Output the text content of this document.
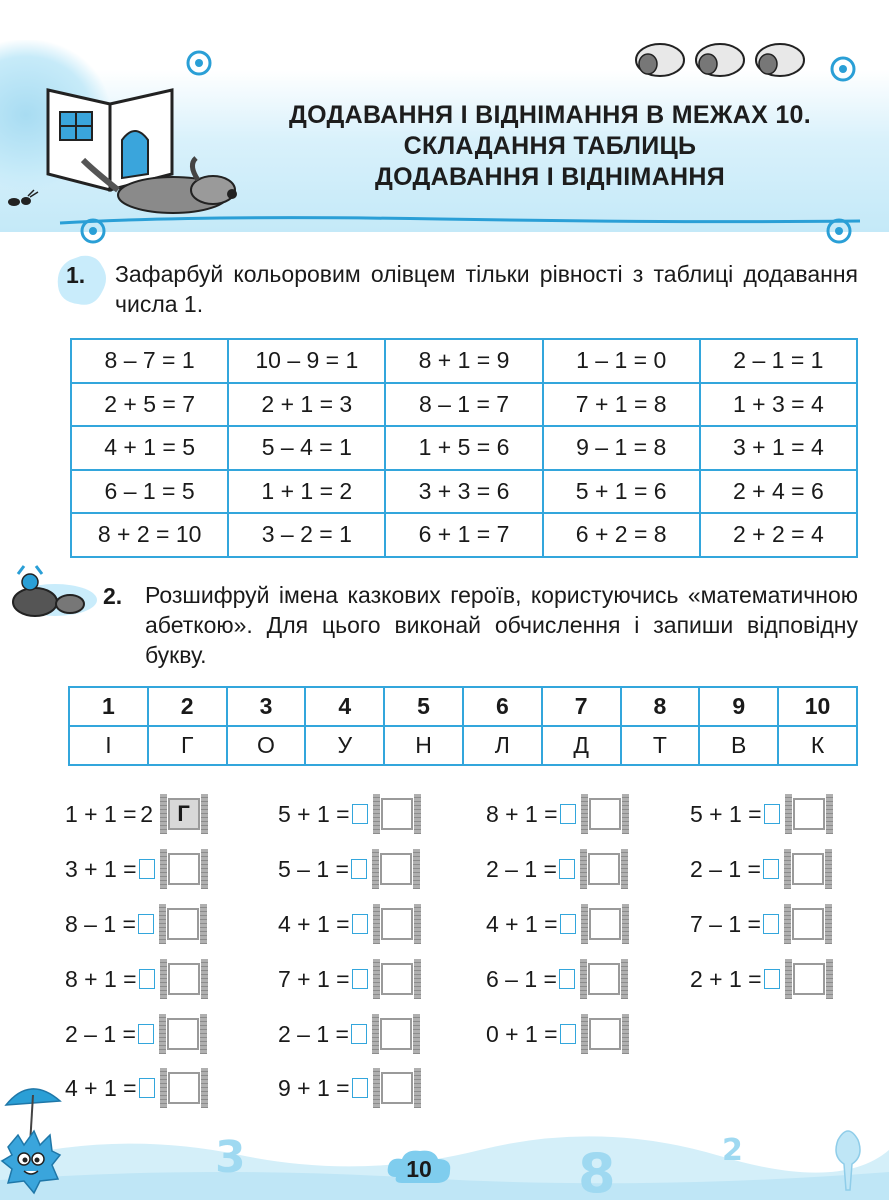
ДОДАВАННЯ І ВІДНІМАННЯ В МЕЖАХ 10.
СКЛАДАННЯ ТАБЛИЦЬ
ДОДАВАННЯ І ВІДНІМАННЯ
1. Зафарбуй кольоровим олівцем тільки рівності з таблиці додавання числа 1.
8 – 7 = 1	10 – 9 = 1	8 + 1 = 9	1 – 1 = 0	2 – 1 = 1
2 + 5 = 7	2 + 1 = 3	8 – 1 = 7	7 + 1 = 8	1 + 3 = 4
4 + 1 = 5	5 – 4 = 1	1 + 5 = 6	9 – 1 = 8	3 + 1 = 4
6 – 1 = 5	1 + 1 = 2	3 + 3 = 6	5 + 1 = 6	2 + 4 = 6
8 + 2 = 10	3 – 2 = 1	6 + 1 = 7	6 + 2 = 8	2 + 2 = 4
2. Розшифруй імена казкових героїв, користуючись «математичною абеткою». Для цього виконай обчислення і запиши відповідну букву.
1	2	3	4	5	6	7	8	9	10
І	Г	О	У	Н	Л	Д	Т	В	К
1 + 1 = 2	Г
3 + 1 =
8 – 1 =
8 + 1 =
2 – 1 =
4 + 1 =
5 + 1 =
5 – 1 =
4 + 1 =
7 + 1 =
2 – 1 =
9 + 1 =
8 + 1 =
2 – 1 =
4 + 1 =
6 – 1 =
0 + 1 =
5 + 1 =
2 – 1 =
7 – 1 =
2 + 1 =
3	8	2
10
